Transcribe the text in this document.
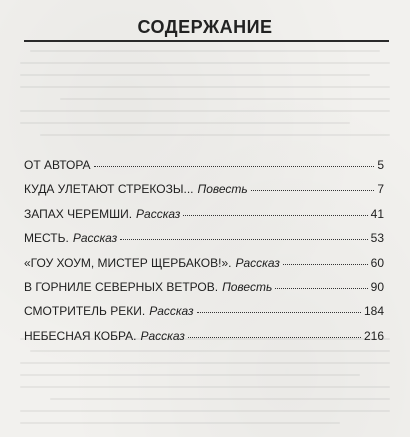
СОДЕРЖАНИЕ
ОТ АВТОРА	5
КУДА УЛЕТАЮТ СТРЕКОЗЫ... Повесть	7
ЗАПАХ ЧЕРЕМШИ. Рассказ	41
МЕСТЬ. Рассказ	53
«ГОУ ХОУМ, МИСТЕР ЩЕРБАКОВ!». Рассказ	60
В ГОРНИЛЕ СЕВЕРНЫХ ВЕТРОВ. Повесть	90
СМОТРИТЕЛЬ РЕКИ. Рассказ	184
НЕБЕСНАЯ КОБРА. Рассказ	216
